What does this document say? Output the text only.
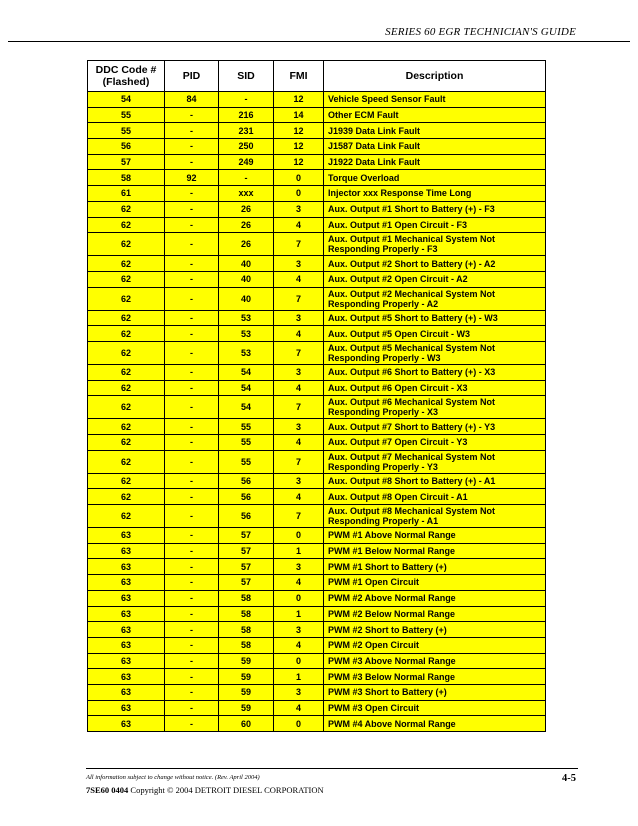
SERIES 60 EGR TECHNICIAN'S GUIDE
DDC Code # (Flashed)	PID	SID	FMI	Description
54	84	-	12	Vehicle Speed Sensor Fault
55	-	216	14	Other ECM Fault
55	-	231	12	J1939 Data Link Fault
56	-	250	12	J1587 Data Link Fault
57	-	249	12	J1922 Data Link Fault
58	92	-	0	Torque Overload
61	-	xxx	0	Injector xxx Response Time Long
62	-	26	3	Aux. Output #1 Short to Battery (+) - F3
62	-	26	4	Aux. Output #1 Open Circuit - F3
62	-	26	7	Aux. Output #1 Mechanical System Not Responding Properly - F3
62	-	40	3	Aux. Output #2 Short to Battery (+) - A2
62	-	40	4	Aux. Output #2 Open Circuit - A2
62	-	40	7	Aux. Output #2 Mechanical System Not Responding Properly - A2
62	-	53	3	Aux. Output #5 Short to Battery (+) - W3
62	-	53	4	Aux. Output #5 Open Circuit - W3
62	-	53	7	Aux. Output #5 Mechanical System Not Responding Properly - W3
62	-	54	3	Aux. Output #6 Short to Battery (+) - X3
62	-	54	4	Aux. Output #6 Open Circuit - X3
62	-	54	7	Aux. Output #6 Mechanical System Not Responding Properly - X3
62	-	55	3	Aux. Output #7 Short to Battery (+) - Y3
62	-	55	4	Aux. Output #7 Open Circuit - Y3
62	-	55	7	Aux. Output #7 Mechanical System Not Responding Properly - Y3
62	-	56	3	Aux. Output #8 Short to Battery (+) - A1
62	-	56	4	Aux. Output #8 Open Circuit - A1
62	-	56	7	Aux. Output #8 Mechanical System Not Responding Properly - A1
63	-	57	0	PWM #1 Above Normal Range
63	-	57	1	PWM #1 Below Normal Range
63	-	57	3	PWM #1 Short to Battery (+)
63	-	57	4	PWM #1 Open Circuit
63	-	58	0	PWM #2 Above Normal Range
63	-	58	1	PWM #2 Below Normal Range
63	-	58	3	PWM #2 Short to Battery (+)
63	-	58	4	PWM #2 Open Circuit
63	-	59	0	PWM #3 Above Normal Range
63	-	59	1	PWM #3 Below Normal Range
63	-	59	3	PWM #3 Short to Battery (+)
63	-	59	4	PWM #3 Open Circuit
63	-	60	0	PWM #4 Above Normal Range
All information subject to change without notice. (Rev. April 2004)
7SE60 0404 Copyright © 2004 DETROIT DIESEL CORPORATION
4-5
